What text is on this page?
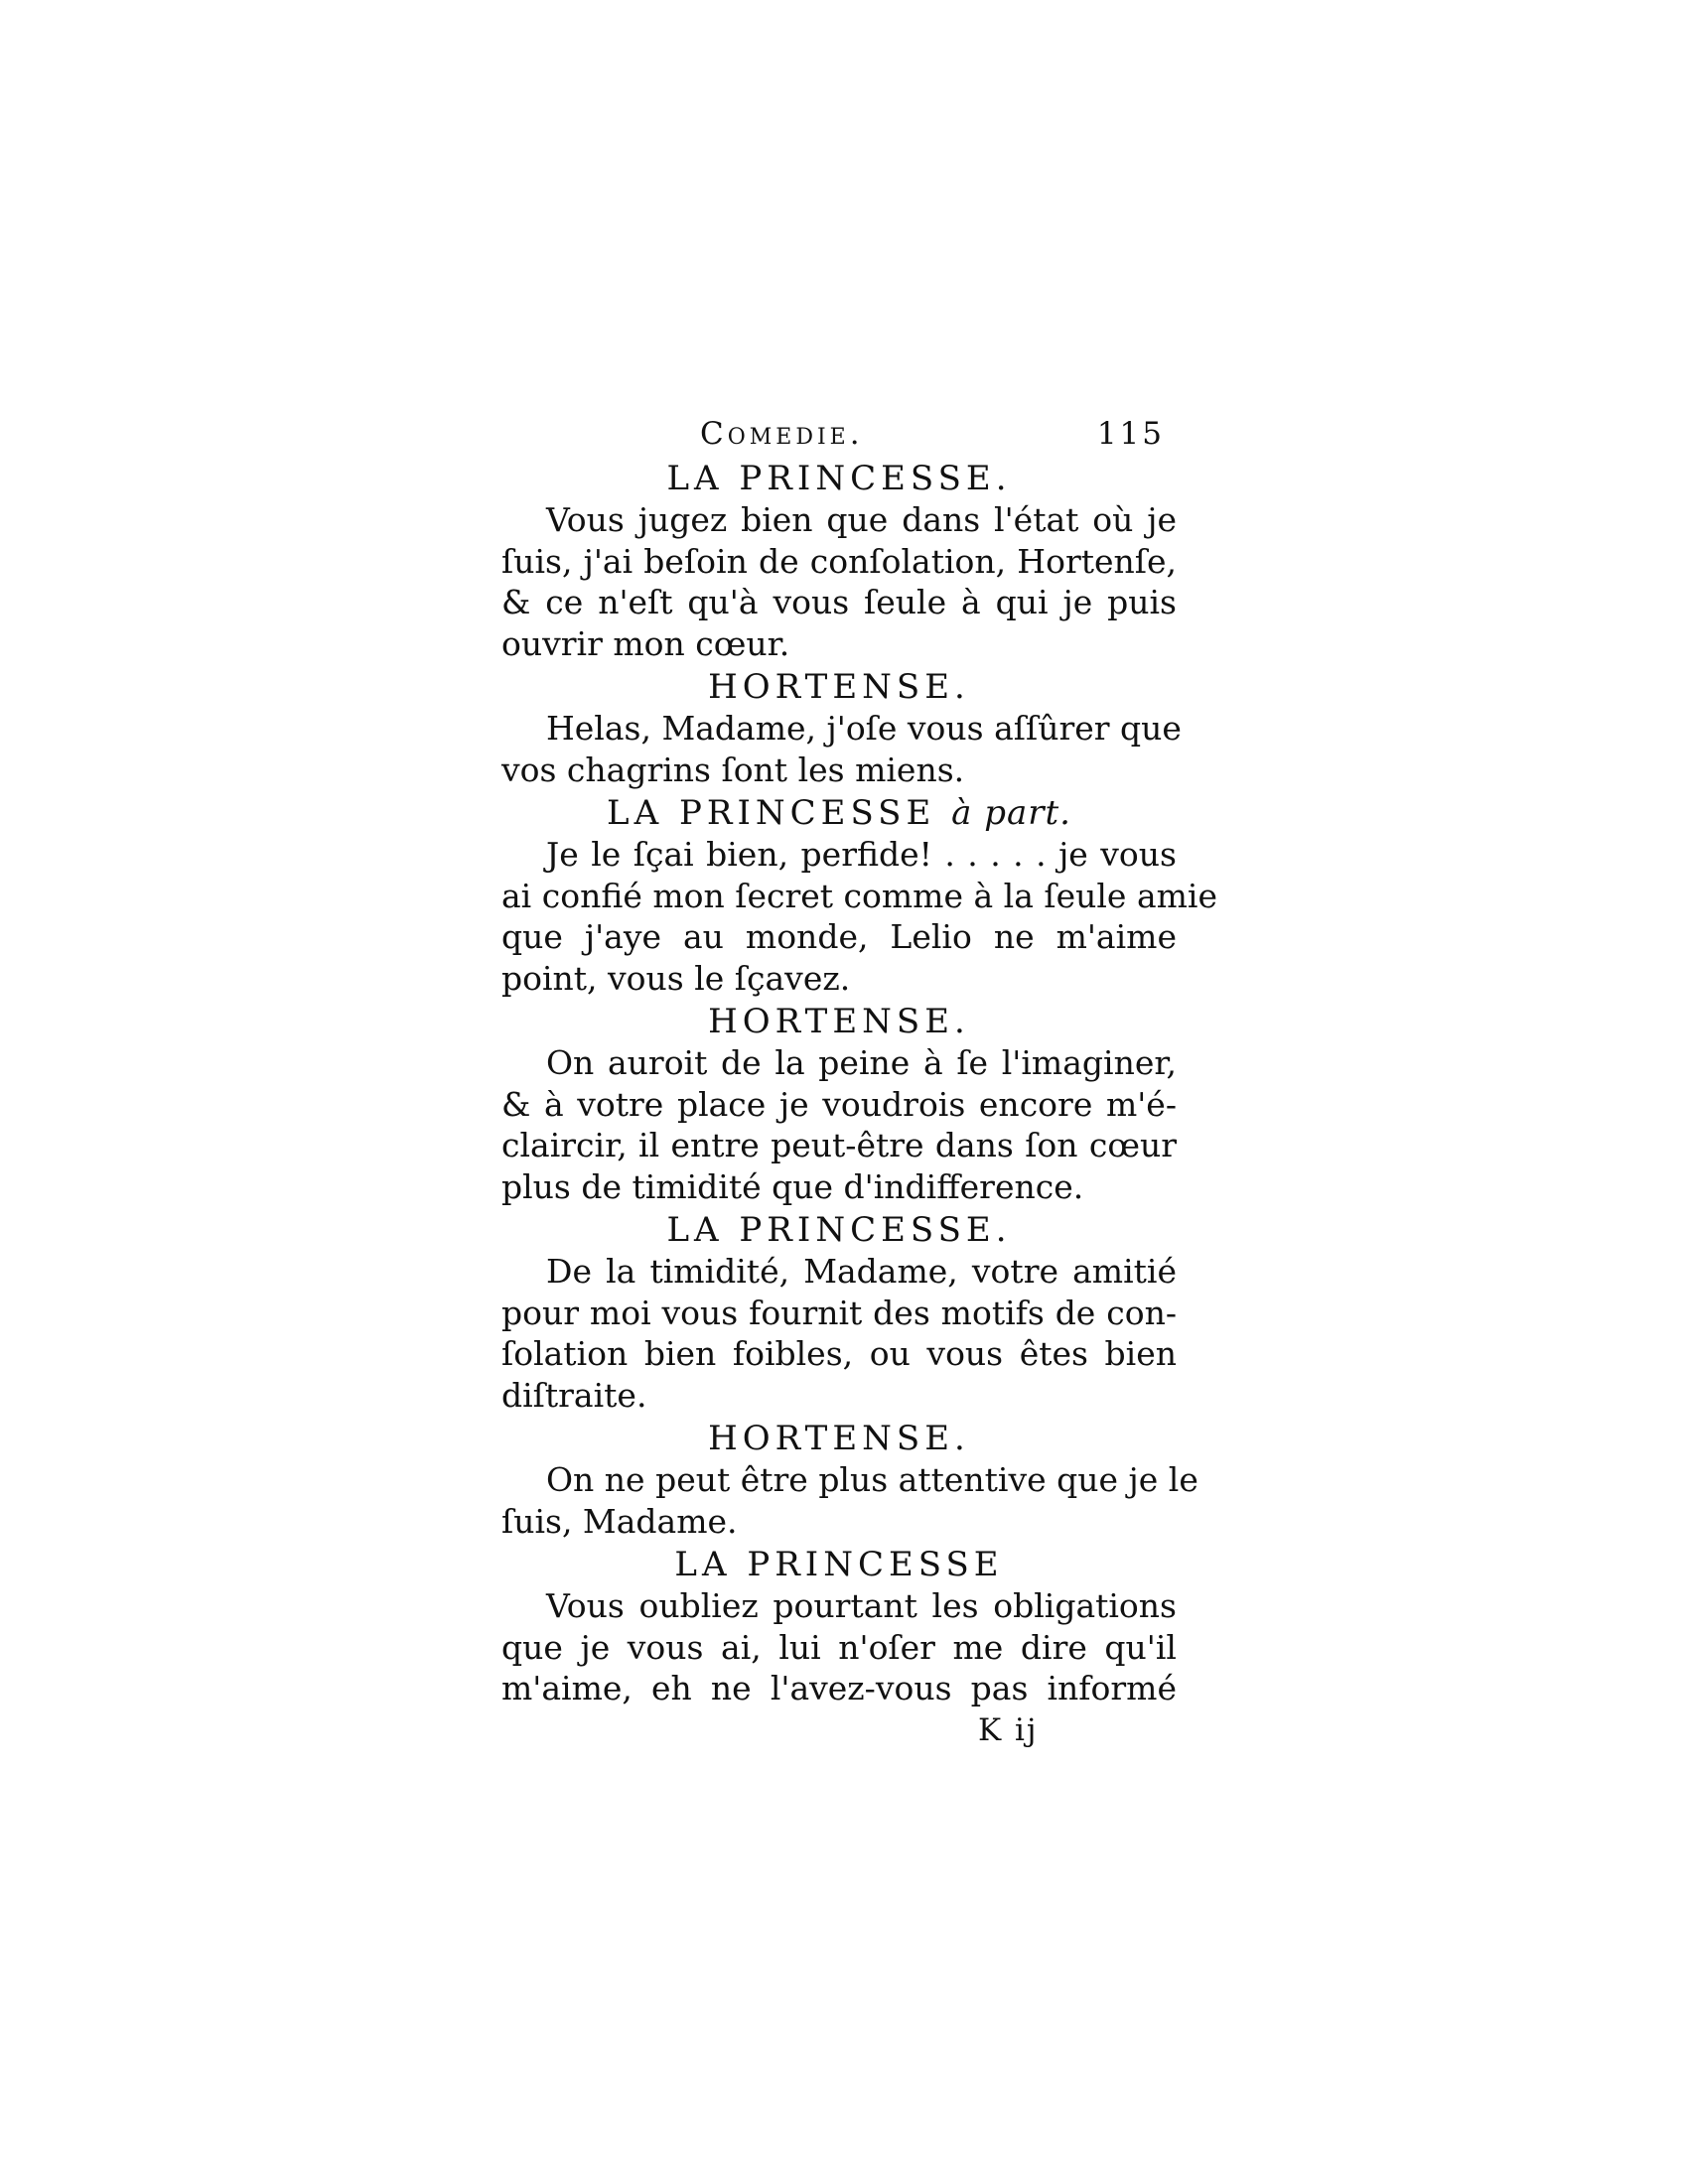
Comedie.	115
LA PRINCESSE.
Vous jugez bien que dans l'état où je
ſuis, j'ai beſoin de conſolation, Hortenſe,
& ce n'eſt qu'à vous ſeule à qui je puis
ouvrir mon cœur.
HORTENSE.
Helas, Madame, j'oſe vous aſſûrer que
vos chagrins ſont les miens.
LA PRINCESSE à part.
Je le ſçai bien, perfide! . . . . . je vous
ai confié mon ſecret comme à la ſeule amie
que j'aye au monde, Lelio ne m'aime
point, vous le ſçavez.
HORTENSE.
On auroit de la peine à ſe l'imaginer,
& à votre place je voudrois encore m'é-
claircir, il entre peut-être dans ſon cœur
plus de timidité que d'indifference.
LA PRINCESSE.
De la timidité, Madame, votre amitié
pour moi vous fournit des motifs de con-
ſolation bien foibles, ou vous êtes bien
diſtraite.
HORTENSE.
On ne peut être plus attentive que je le
ſuis, Madame.
LA PRINCESSE
Vous oubliez pourtant les obligations
que je vous ai, lui n'oſer me dire qu'il
m'aime, eh ne l'avez-vous pas informé
K ij
